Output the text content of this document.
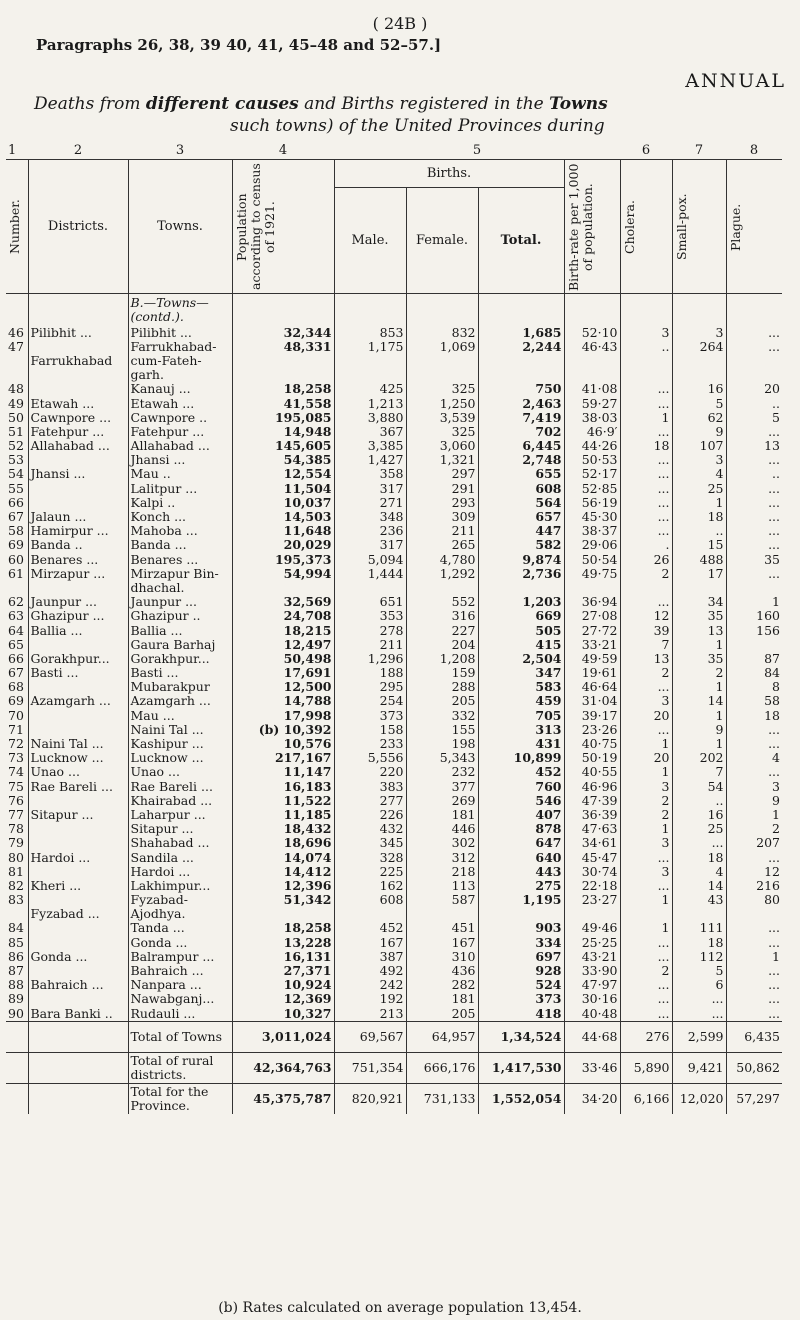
( 24B )
Paragraphs 26, 38, 39 40, 41, 45–48 and 52–57.]
ANNUAL
Deaths from different causes and Births registered in the Towns
such towns) of the United Provinces during
1	2	3	4	5				6	7	8

Number.	Districts.	Towns.	Population according to census of 1921.	Births.			Birth-rate per 1,000 of population.	Cholera.	Small-pox.	Plague.

				Male.	Female.	Total.				
		B.—Towns— (contd.).								
46	Pilibhit ...	Pilibhit ...	32,344	853	832	1,685	52·10	3	3	...
47		Farrukhabad-	48,331	1,175	1,069	2,244	46·43	..	264	...
	Farrukhabad	cum-Fateh-								
		garh.								
48		Kanauj ...	18,258	425	325	750	41·08	...	16	20
49	Etawah ...	Etawah ...	41,558	1,213	1,250	2,463	59·27	...	5	..
50	Cawnpore ...	Cawnpore ..	195,085	3,880	3,539	7,419	38·03	1	62	5
51	Fatehpur ...	Fatehpur ...	14,948	367	325	702	46·9′	...	9	...
52	Allahabad ...	Allahabad ...	145,605	3,385	3,060	6,445	44·26	18	107	13
53		Jhansi ...	54,385	1,427	1,321	2,748	50·53	...	3	...
54	Jhansi ...	Mau ..	12,554	358	297	655	52·17	...	4	..
55		Lalitpur ...	11,504	317	291	608	52·85	...	25	...
66		Kalpi ..	10,037	271	293	564	56·19	...	1	...
67	Jalaun ...	Konch ...	14,503	348	309	657	45·30	...	18	...
58	Hamirpur ...	Mahoba ...	11,648	236	211	447	38·37	...	..	...
69	Banda ..	Banda ...	20,029	317	265	582	29·06	.	15	...
60	Benares ...	Benares ...	195,373	5,094	4,780	9,874	50·54	26	488	35
61	Mirzapur ...	Mirzapur Bin-	54,994	1,444	1,292	2,736	49·75	2	17	...
		dhachal.								
62	Jaunpur ...	Jaunpur ...	32,569	651	552	1,203	36·94	...	34	1
63	Ghazipur ...	Ghazipur ..	24,708	353	316	669	27·08	12	35	160
64	Ballia ...	Ballia ...	18,215	278	227	505	27·72	39	13	156
65		Gaura Barhaj	12,497	211	204	415	33·21	7	1	
66	Gorakhpur...	Gorakhpur...	50,498	1,296	1,208	2,504	49·59	13	35	87
67	Basti ...	Basti ...	17,691	188	159	347	19·61	2	2	84
68		Mubarakpur	12,500	295	288	583	46·64	...	1	8
69	Azamgarh ...	Azamgarh ...	14,788	254	205	459	31·04	3	14	58
70		Mau ...	17,998	373	332	705	39·17	20	1	18
71		Naini Tal ...	(b) 10,392	158	155	313	23·26	...	9	...
72	Naini Tal ...	Kashipur ...	10,576	233	198	431	40·75	1	1	...
73	Lucknow ...	Lucknow ...	217,167	5,556	5,343	10,899	50·19	20	202	4
74	Unao ...	Unao ...	11,147	220	232	452	40·55	1	7	...
75	Rae Bareli ...	Rae Bareli ...	16,183	383	377	760	46·96	3	54	3
76		Khairabad ...	11,522	277	269	546	47·39	2	..	9
77	Sitapur ...	Laharpur ...	11,185	226	181	407	36·39	2	16	1
78		Sitapur ...	18,432	432	446	878	47·63	1	25	2
79		Shahabad ...	18,696	345	302	647	34·61	3	...	207
80	Hardoi ...	Sandila ...	14,074	328	312	640	45·47	...	18	...
81		Hardoi ...	14,412	225	218	443	30·74	3	4	12
82	Kheri ...	Lakhimpur...	12,396	162	113	275	22·18	...	14	216
83		Fyzabad-	51,342	608	587	1,195	23·27	1	43	80
	Fyzabad ...	Ajodhya.								
84		Tanda ...	18,258	452	451	903	49·46	1	111	...
85		Gonda ...	13,228	167	167	334	25·25	...	18	...
86	Gonda ...	Balrampur ...	16,131	387	310	697	43·21	...	112	1
87		Bahraich ...	27,371	492	436	928	33·90	2	5	...
88	Bahraich ...	Nanpara ...	10,924	242	282	524	47·97	...	6	...
89		Nawabganj...	12,369	192	181	373	30·16	...	...	...
90	Bara Banki ..	Rudauli ...	10,327	213	205	418	40·48	...	...	...
		Total of Towns	3,011,024	69,567	64,957	1,34,524	44·68	276	2,599	6,435
		Total of rural districts.	42,364,763	751,354	666,176	1,417,530	33·46	5,890	9,421	50,862
		Total for the Province.	45,375,787	820,921	731,133	1,552,054	34·20	6,166	12,020	57,297
(b) Rates calculated on average population 13,454.
